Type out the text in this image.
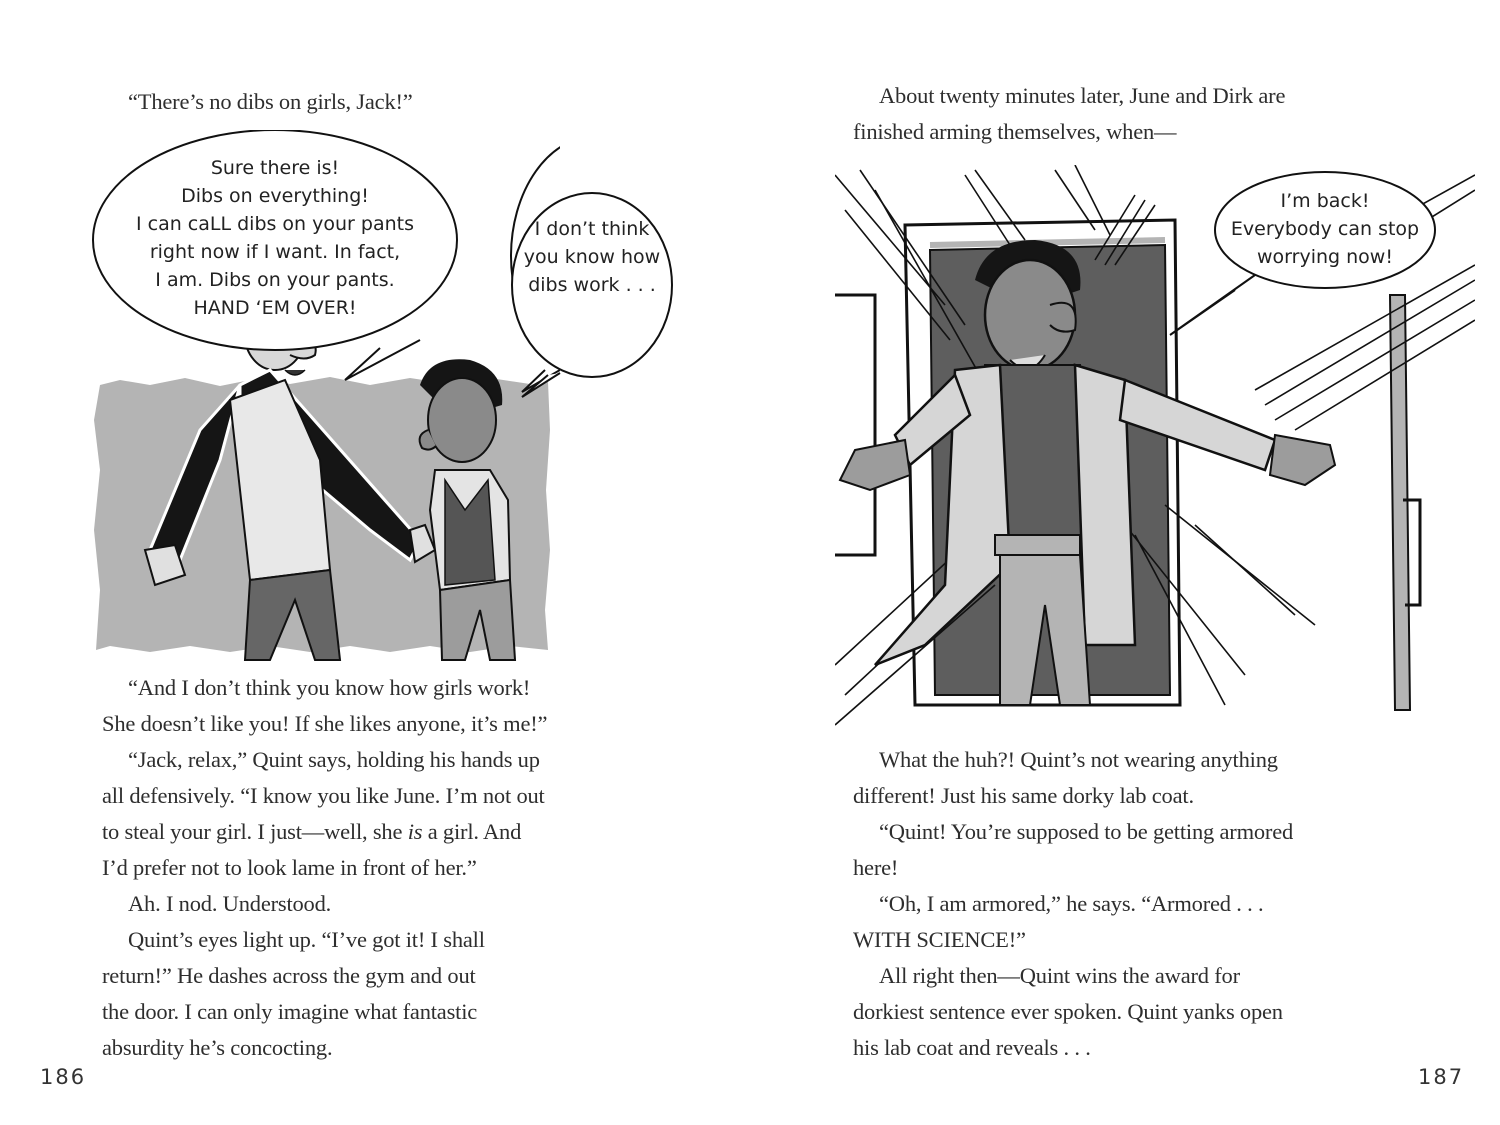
“There’s no dibs on girls, Jack!”
Sure there is!
Dibs on everything!
I can caLL dibs on your pants
right now if I want. In fact,
I am. Dibs on your pants.
HAND ‘EM OVER!
I don’t think
you know how
dibs work . . .
“And I don’t think you know how girls work!
She doesn’t like you! If she likes anyone, it’s me!”
“Jack, relax,” Quint says, holding his hands up
all defensively. “I know you like June. I’m not out
to steal your girl. I just—well, she is a girl. And
I’d prefer not to look lame in front of her.”
Ah. I nod. Understood.
Quint’s eyes light up. “I’ve got it! I shall
return!” He dashes across the gym and out
the door. I can only imagine what fantastic
absurdity he’s concocting.
186
About twenty minutes later, June and Dirk are
finished arming themselves, when—
I’m back!
Everybody can stop
worrying now!
What the huh?! Quint’s not wearing anything
different! Just his same dorky lab coat.
“Quint! You’re supposed to be getting armored
here!
“Oh, I am armored,” he says. “Armored . . .
WITH SCIENCE!”
All right then—Quint wins the award for
dorkiest sentence ever spoken. Quint yanks open
his lab coat and reveals . . .
187
